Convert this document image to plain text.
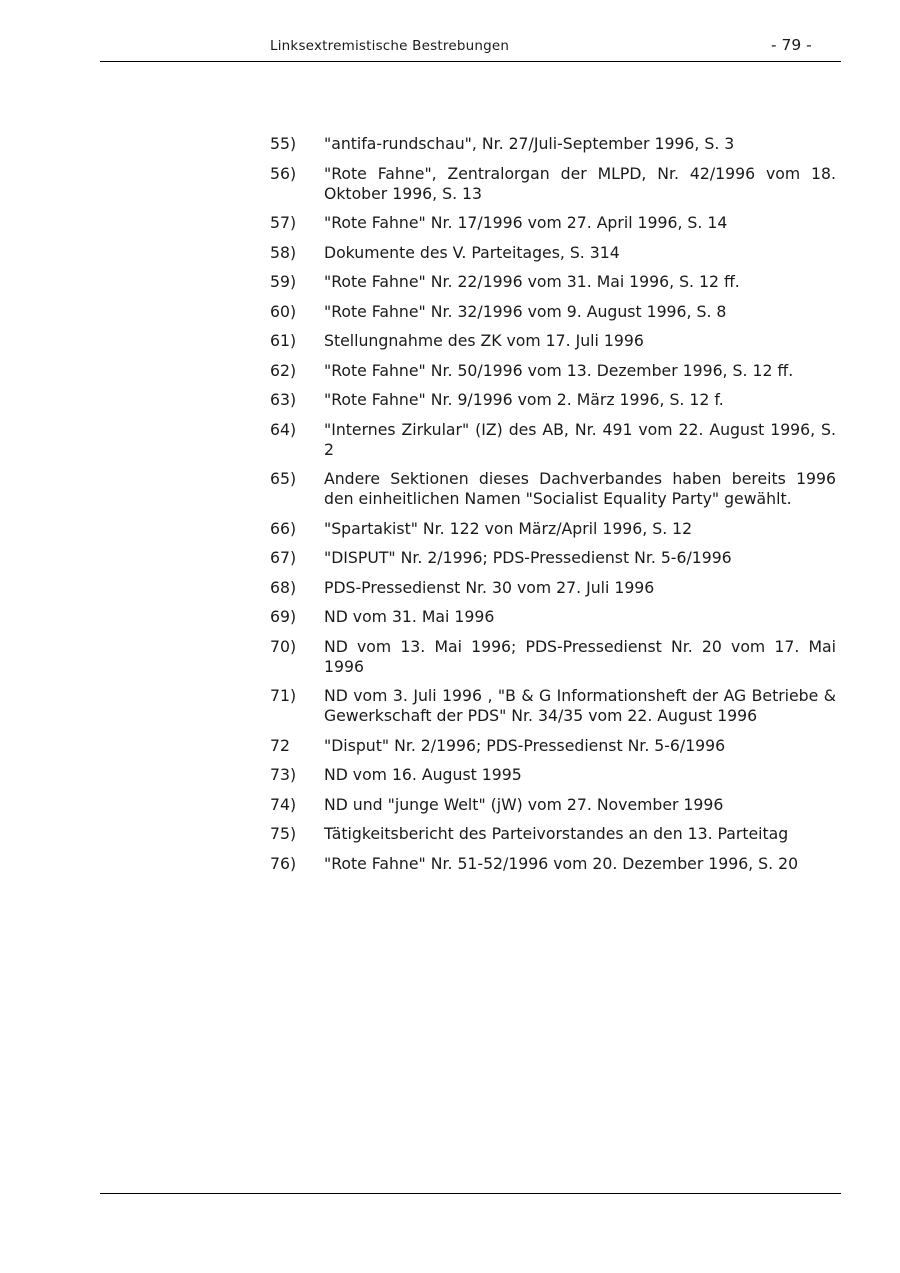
Linksextremistische Bestrebungen	- 79 -
55)	"antifa-rundschau", Nr. 27/Juli-September 1996, S. 3
56)	"Rote Fahne", Zentralorgan der MLPD, Nr. 42/1996 vom 18. Oktober 1996, S. 13
57)	"Rote Fahne" Nr. 17/1996 vom 27. April 1996, S. 14
58)	Dokumente des V. Parteitages, S. 314
59)	"Rote Fahne" Nr. 22/1996 vom 31. Mai 1996, S. 12 ff.
60)	"Rote Fahne" Nr. 32/1996 vom 9. August 1996, S. 8
61)	Stellungnahme des ZK vom 17. Juli 1996
62)	"Rote Fahne" Nr. 50/1996 vom 13. Dezember 1996, S. 12 ff.
63)	"Rote Fahne" Nr. 9/1996 vom 2. März 1996, S. 12 f.
64)	"Internes Zirkular" (IZ) des AB, Nr. 491 vom 22. August 1996, S. 2
65)	Andere Sektionen dieses Dachverbandes haben bereits 1996 den einheitlichen Namen "Socialist Equality Party" gewählt.
66)	"Spartakist" Nr. 122 von März/April 1996, S. 12
67)	"DISPUT" Nr. 2/1996; PDS-Pressedienst Nr. 5-6/1996
68)	PDS-Pressedienst Nr. 30 vom 27. Juli 1996
69)	ND vom 31. Mai 1996
70)	ND vom 13. Mai 1996; PDS-Pressedienst Nr. 20 vom 17. Mai 1996
71)	ND vom 3. Juli 1996 , "B & G Informationsheft der AG Betriebe & Gewerkschaft der PDS" Nr. 34/35 vom 22. August 1996
72	"Disput" Nr. 2/1996; PDS-Pressedienst Nr. 5-6/1996
73)	ND vom 16. August 1995
74)	ND und "junge Welt" (jW) vom 27. November 1996
75)	Tätigkeitsbericht des Parteivorstandes an den 13. Parteitag
76)	"Rote Fahne" Nr. 51-52/1996 vom 20. Dezember 1996, S. 20
